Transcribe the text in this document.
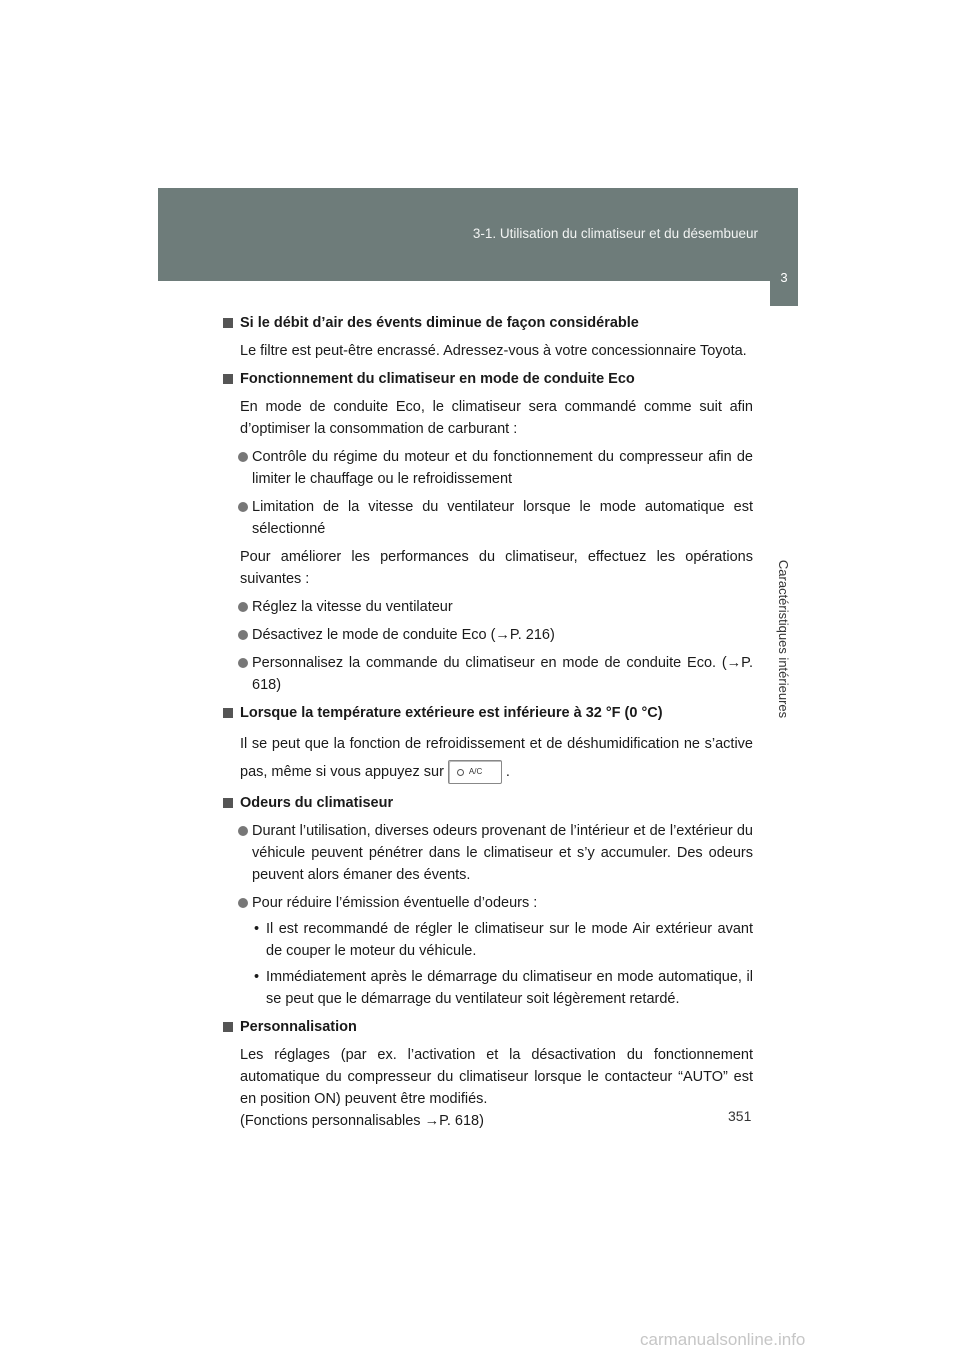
3-1. Utilisation du climatiseur et du désembueur
3
Caractéristiques intérieures

Si le débit d’air des évents diminue de façon considérable

Le filtre est peut-être encrassé. Adressez-vous à votre concessionnaire Toyota.

Fonctionnement du climatiseur en mode de conduite Eco

En mode de conduite Eco, le climatiseur sera commandé comme suit afin d’optimiser la consommation de carburant :

Contrôle du régime du moteur et du fonctionnement du compresseur afin de limiter le chauffage ou le refroidissement

Limitation de la vitesse du ventilateur lorsque le mode automatique est sélectionné

Pour améliorer les performances du climatiseur, effectuez les opérations suivantes :

Réglez la vitesse du ventilateur

Désactivez le mode de conduite Eco (→P. 216)

Personnalisez la commande du climatiseur en mode de conduite Eco. (→P. 618)

Lorsque la température extérieure est inférieure à 32 °F (0 °C)

Il se peut que la fonction de refroidissement et de déshumidification ne s’active pas, même si vous appuyez sur	A/C .

Odeurs du climatiseur

Durant l’utilisation, diverses odeurs provenant de l’intérieur et de l’extérieur du véhicule peuvent pénétrer dans le climatiseur et s’y accumuler. Des odeurs peuvent alors émaner des évents.

Pour réduire l’émission éventuelle d’odeurs :

• Il est recommandé de régler le climatiseur sur le mode Air extérieur avant de couper le moteur du véhicule.

• Immédiatement après le démarrage du climatiseur en mode automatique, il se peut que le démarrage du ventilateur soit légèrement retardé.

Personnalisation

Les réglages (par ex. l’activation et la désactivation du fonctionnement automatique du compresseur du climatiseur lorsque le contacteur “AUTO” est en position ON) peuvent être modifiés.

(Fonctions personnalisables →P. 618)	351
carmanualsonline.info
